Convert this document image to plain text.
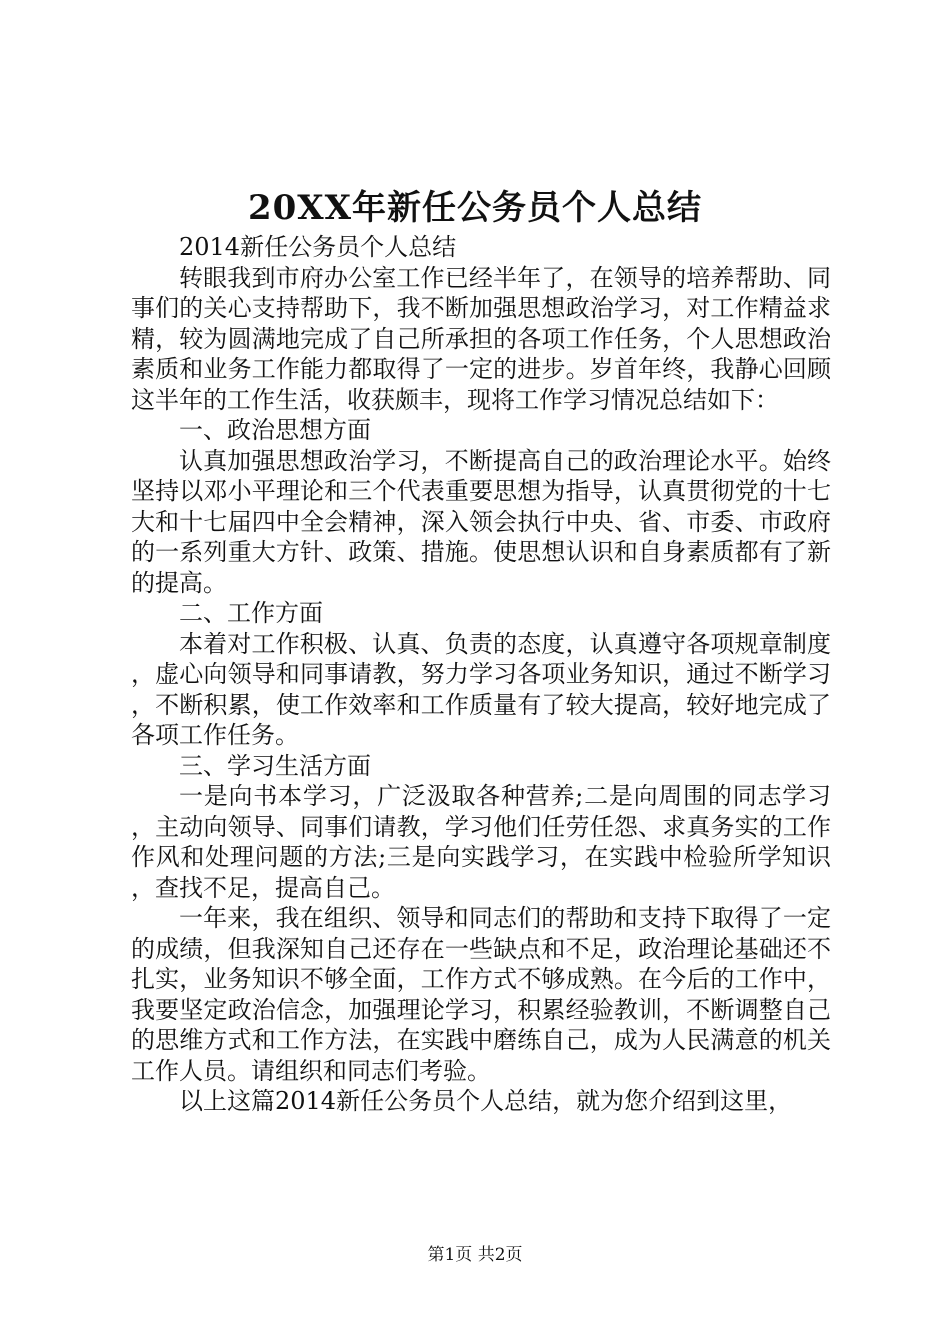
20XX年新任公务员个人总结

2014新任公务员个人总结

转眼我到市府办公室工作已经半年了，在领导的培养帮助、同事们的关心支持帮助下，我不断加强思想政治学习，对工作精益求精，较为圆满地完成了自己所承担的各项工作任务，个人思想政治素质和业务工作能力都取得了一定的进步。岁首年终，我静心回顾这半年的工作生活，收获颇丰，现将工作学习情况总结如下：

一、政治思想方面

认真加强思想政治学习，不断提高自己的政治理论水平。始终坚持以邓小平理论和三个代表重要思想为指导，认真贯彻党的十七大和十七届四中全会精神，深入领会执行中央、省、市委、市政府的一系列重大方针、政策、措施。使思想认识和自身素质都有了新的提高。

二、工作方面

本着对工作积极、认真、负责的态度，认真遵守各项规章制度，虚心向领导和同事请教，努力学习各项业务知识，通过不断学习，不断积累，使工作效率和工作质量有了较大提高，较好地完成了各项工作任务。

三、学习生活方面

一是向书本学习，广泛汲取各种营养;二是向周围的同志学习，主动向领导、同事们请教，学习他们任劳任怨、求真务实的工作作风和处理问题的方法;三是向实践学习，在实践中检验所学知识，查找不足，提高自己。

一年来，我在组织、领导和同志们的帮助和支持下取得了一定的成绩，但我深知自己还存在一些缺点和不足，政治理论基础还不扎实，业务知识不够全面，工作方式不够成熟。在今后的工作中，我要坚定政治信念，加强理论学习，积累经验教训，不断调整自己的思维方式和工作方法，在实践中磨练自己，成为人民满意的机关工作人员。请组织和同志们考验。

以上这篇2014新任公务员个人总结，就为您介绍到这里，

第1页 共2页
